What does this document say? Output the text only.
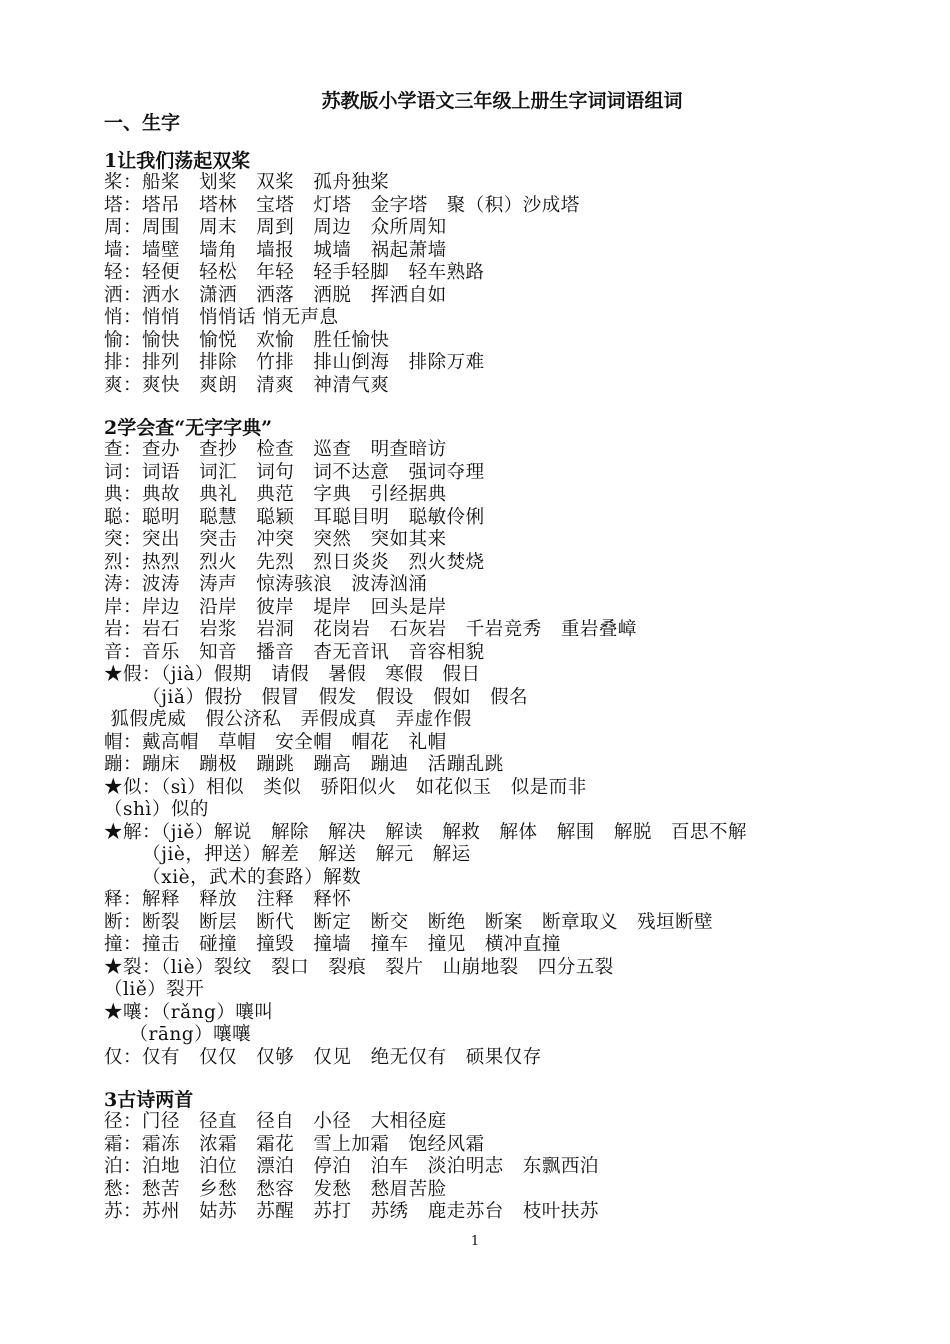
苏教版小学语文三年级上册生字词词语组词
一、生字
1让我们荡起双桨
桨：船桨   划桨   双桨   孤舟独桨
塔：塔吊   塔林   宝塔   灯塔   金字塔   聚（积）沙成塔
周：周围   周末   周到   周边   众所周知
墙：墙壁   墙角   墙报   城墙   祸起萧墙
轻：轻便   轻松   年轻   轻手轻脚   轻车熟路
洒：洒水   潇洒   洒落   洒脱   挥洒自如
悄：悄悄   悄悄话 悄无声息
愉：愉快   愉悦   欢愉   胜任愉快
排：排列   排除   竹排   排山倒海   排除万难
爽：爽快   爽朗   清爽   神清气爽
2学会查“无字字典”
查：查办   查抄   检查   巡查   明查暗访
词：词语   词汇   词句   词不达意   强词夺理
典：典故   典礼   典范   字典   引经据典
聪：聪明   聪慧   聪颖   耳聪目明   聪敏伶俐
突：突出   突击   冲突   突然   突如其来
烈：热烈   烈火   先烈   烈日炎炎   烈火焚烧
涛：波涛   涛声   惊涛骇浪   波涛汹涌
岸：岸边   沿岸   彼岸   堤岸   回头是岸
岩：岩石   岩浆   岩洞   花岗岩   石灰岩   千岩竞秀   重岩叠嶂
音：音乐   知音   播音   杳无音讯   音容相貌
★假：（jià）假期   请假   暑假   寒假   假日
（jiǎ）假扮   假冒   假发   假设   假如   假名
狐假虎威   假公济私   弄假成真   弄虚作假
帽：戴高帽   草帽   安全帽   帽花   礼帽
蹦：蹦床   蹦极   蹦跳   蹦高   蹦迪   活蹦乱跳
★似：（sì）相似   类似   骄阳似火   如花似玉   似是而非
（shì）似的
★解：（jiě）解说   解除   解决   解读   解救   解体   解围   解脱   百思不解
（jiè，押送）解差   解送   解元   解运
（xiè，武术的套路）解数
释：解释   释放   注释   释怀
断：断裂   断层   断代   断定   断交   断绝   断案   断章取义   残垣断壁
撞：撞击   碰撞   撞毁   撞墙   撞车   撞见   横冲直撞
★裂：（liè）裂纹   裂口   裂痕   裂片   山崩地裂   四分五裂
（liě）裂开
★嚷：（rǎng）嚷叫
（rāng）嚷嚷
仅：仅有   仅仅   仅够   仅见   绝无仅有   硕果仅存
3古诗两首
径：门径   径直   径自   小径   大相径庭
霜：霜冻   浓霜   霜花   雪上加霜   饱经风霜
泊：泊地   泊位   漂泊   停泊   泊车   淡泊明志   东飘西泊
愁：愁苦   乡愁   愁容   发愁   愁眉苦脸
苏：苏州   姑苏   苏醒   苏打   苏绣   鹿走苏台   枝叶扶苏
1
